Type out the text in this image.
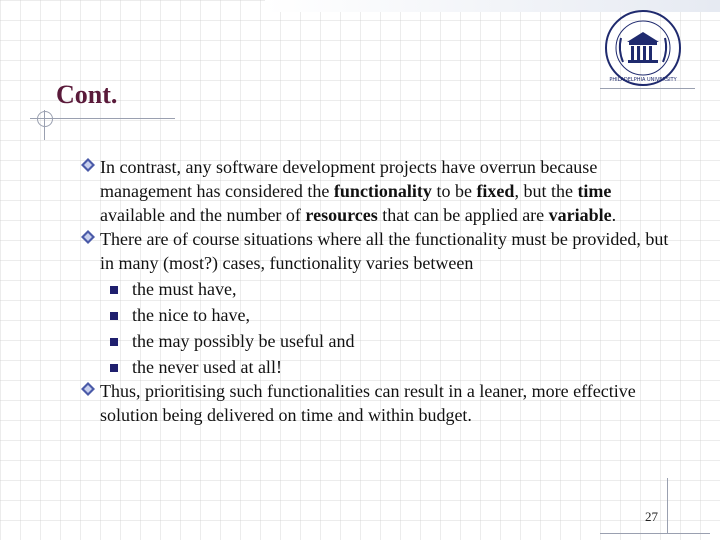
PHILADELPHIA UNIVERSITY
Cont.

In contrast, any software development projects have overrun because management has considered the functionality to be fixed, but the time available and the number of resources that can be applied are variable.

There are of course situations where all the functionality must be provided, but in many (most?) cases, functionality varies between

the must have,

the nice to have,

the may possibly be useful and

the never used at all!

Thus, prioritising such functionalities can result in a leaner, more effective solution being delivered on time and within budget.

27
